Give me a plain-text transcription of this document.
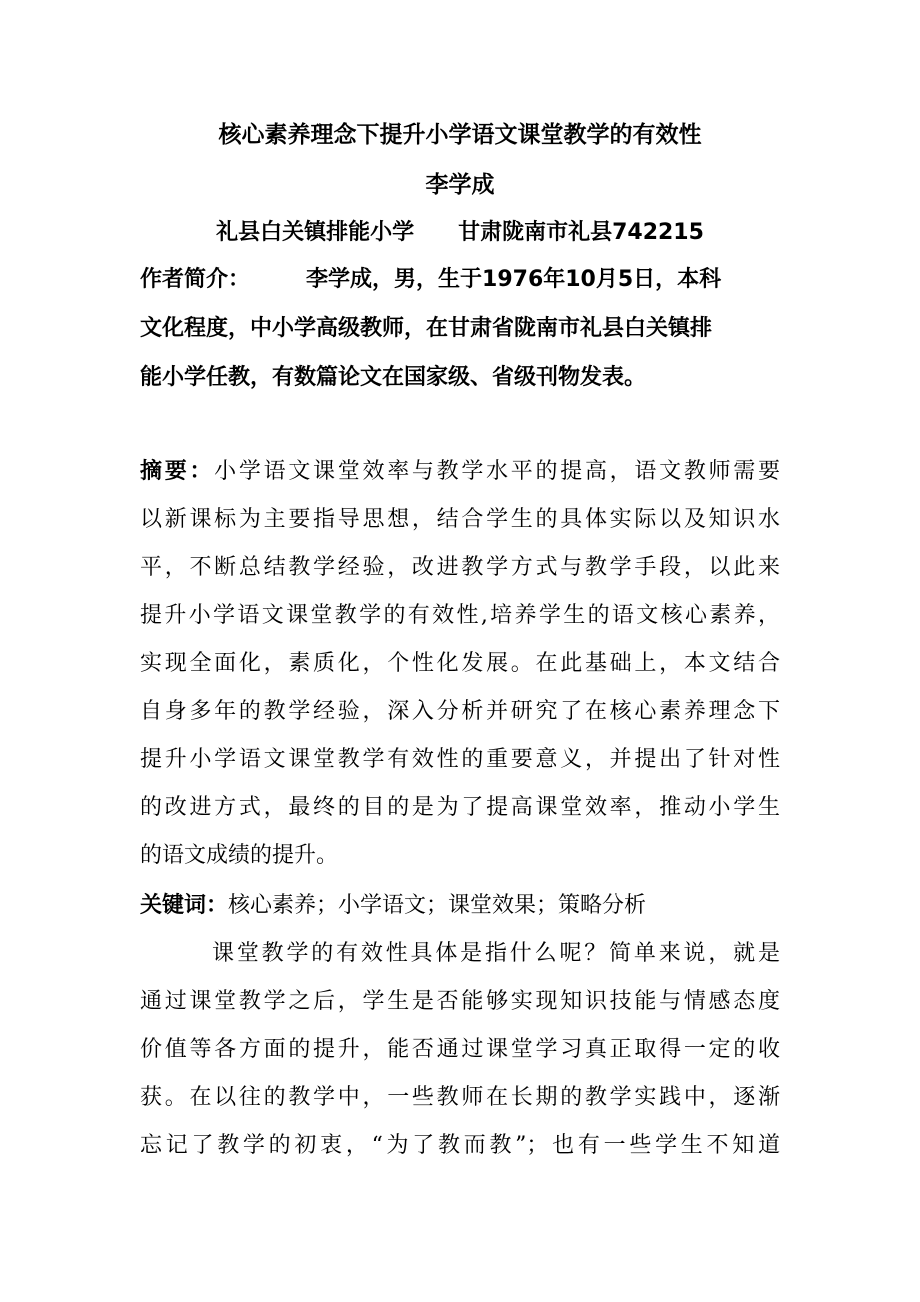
核心素养理念下提升小学语文课堂教学的有效性
李学成
礼县白关镇排能小学 甘肃陇南市礼县742215
作者简介：	李学成，男，生于1976年10月5日，本科
文化程度，中小学高级教师，在甘肃省陇南市礼县白关镇排
能小学任教，有数篇论文在国家级、省级刊物发表。
摘要：小学语文课堂效率与教学水平的提高，语文教师需要
以新课标为主要指导思想，结合学生的具体实际以及知识水
平，不断总结教学经验，改进教学方式与教学手段，以此来
提升小学语文课堂教学的有效性,培养学生的语文核心素养，
实现全面化，素质化，个性化发展。在此基础上，本文结合
自身多年的教学经验，深入分析并研究了在核心素养理念下
提升小学语文课堂教学有效性的重要意义，并提出了针对性
的改进方式，最终的目的是为了提高课堂效率，推动小学生
的语文成绩的提升。
关键词：核心素养；小学语文；课堂效果；策略分析
课堂教学的有效性具体是指什么呢？简单来说，就是
通过课堂教学之后，学生是否能够实现知识技能与情感态度
价值等各方面的提升，能否通过课堂学习真正取得一定的收
获。在以往的教学中，一些教师在长期的教学实践中，逐渐
忘记了教学的初衷，“为了教而教”；也有一些学生不知道
